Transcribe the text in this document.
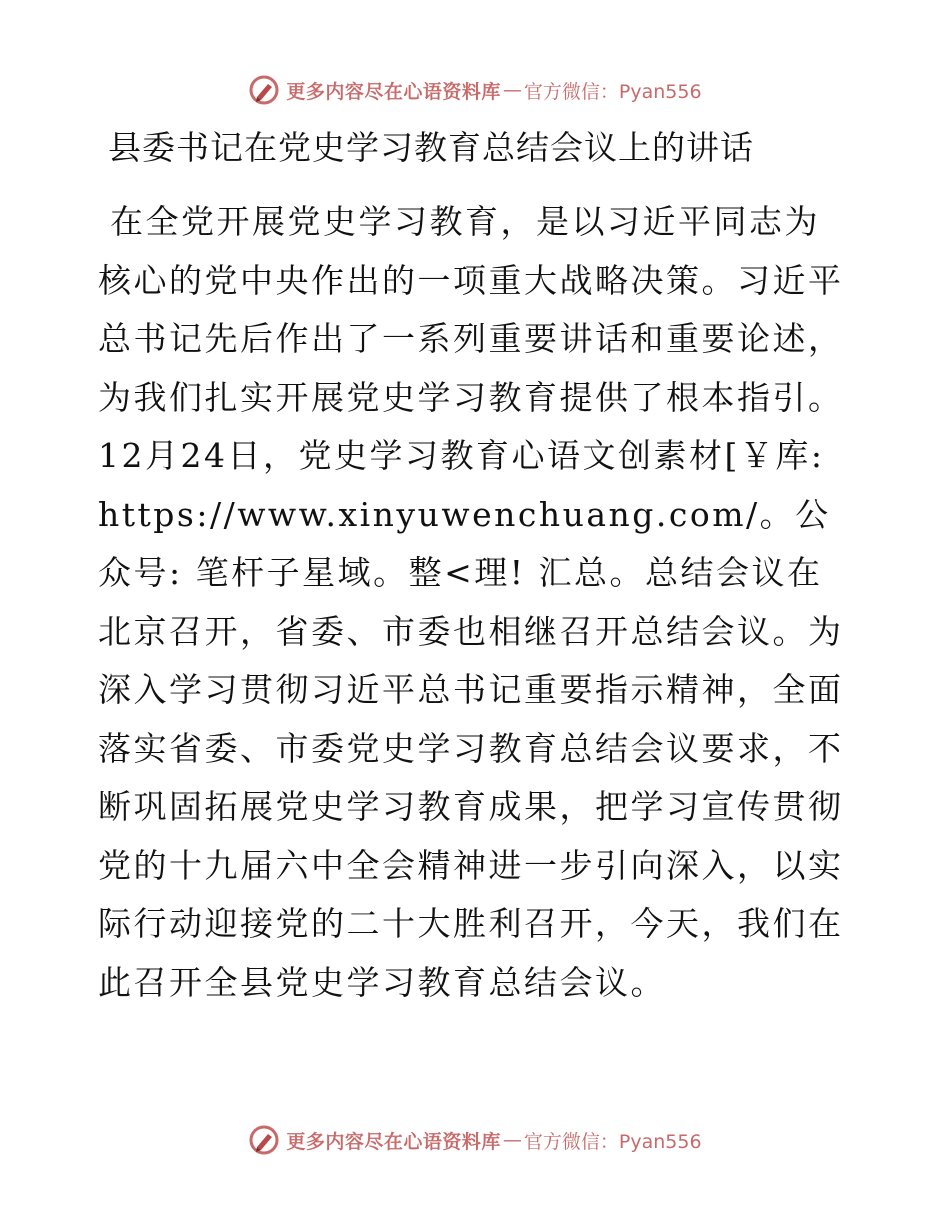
更多内容尽在心语资料库 — 官方微信：Pyan556
县委书记在党史学习教育总结会议上的讲话
在全党开展党史学习教育，是以习近平同志为核心的党中央作出的一项重大战略决策。习近平总书记先后作出了一系列重要讲话和重要论述，为我们扎实开展党史学习教育提供了根本指引。12月24日，党史学习教育心语文创素材[￥库: https://www.xinyuwenchuang.com/。公众号: 笔杆子星域。整<理! 汇总。总结会议在北京召开，省委、市委也相继召开总结会议。为深入学习贯彻习近平总书记重要指示精神，全面落实省委、市委党史学习教育总结会议要求，不断巩固拓展党史学习教育成果，把学习宣传贯彻党的十九届六中全会精神进一步引向深入，以实际行动迎接党的二十大胜利召开，今天，我们在此召开全县党史学习教育总结会议。
更多内容尽在心语资料库 — 官方微信：Pyan556
